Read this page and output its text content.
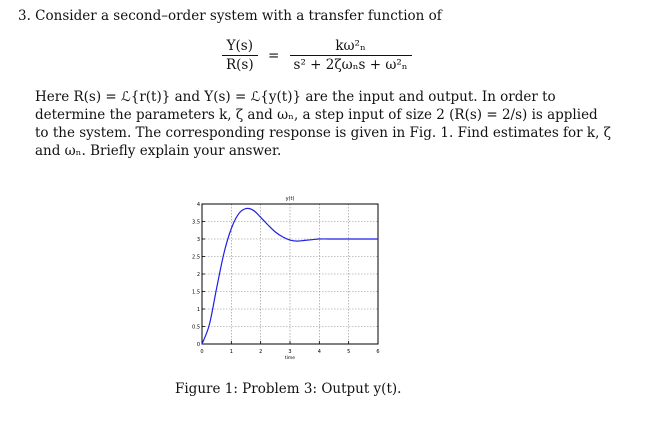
3. Consider a second–order system with a transfer function of
$\frac{Y(s)}{R(s)} = \frac{\text{kω²ₙ}}{\text{s² + 2ζωₙs + ω²ₙ}}$
Here R(s) = ℒ{r(t)} and Y(s) = ℒ{y(t)} are the input and output. In order to
determine the parameters k, ζ and ωₙ, a step input of size 2 (R(s) = 2/s) is applied
to the system. The corresponding response is given in Fig. 1. Find estimates for k, ζ
and ωₙ. Briefly explain your answer.
0	1	2	3	4	5	6
0
0.5
1
1.5
2
2.5
3
3.5
4
y(t)
time
Figure 1: Problem 3: Output y(t).
